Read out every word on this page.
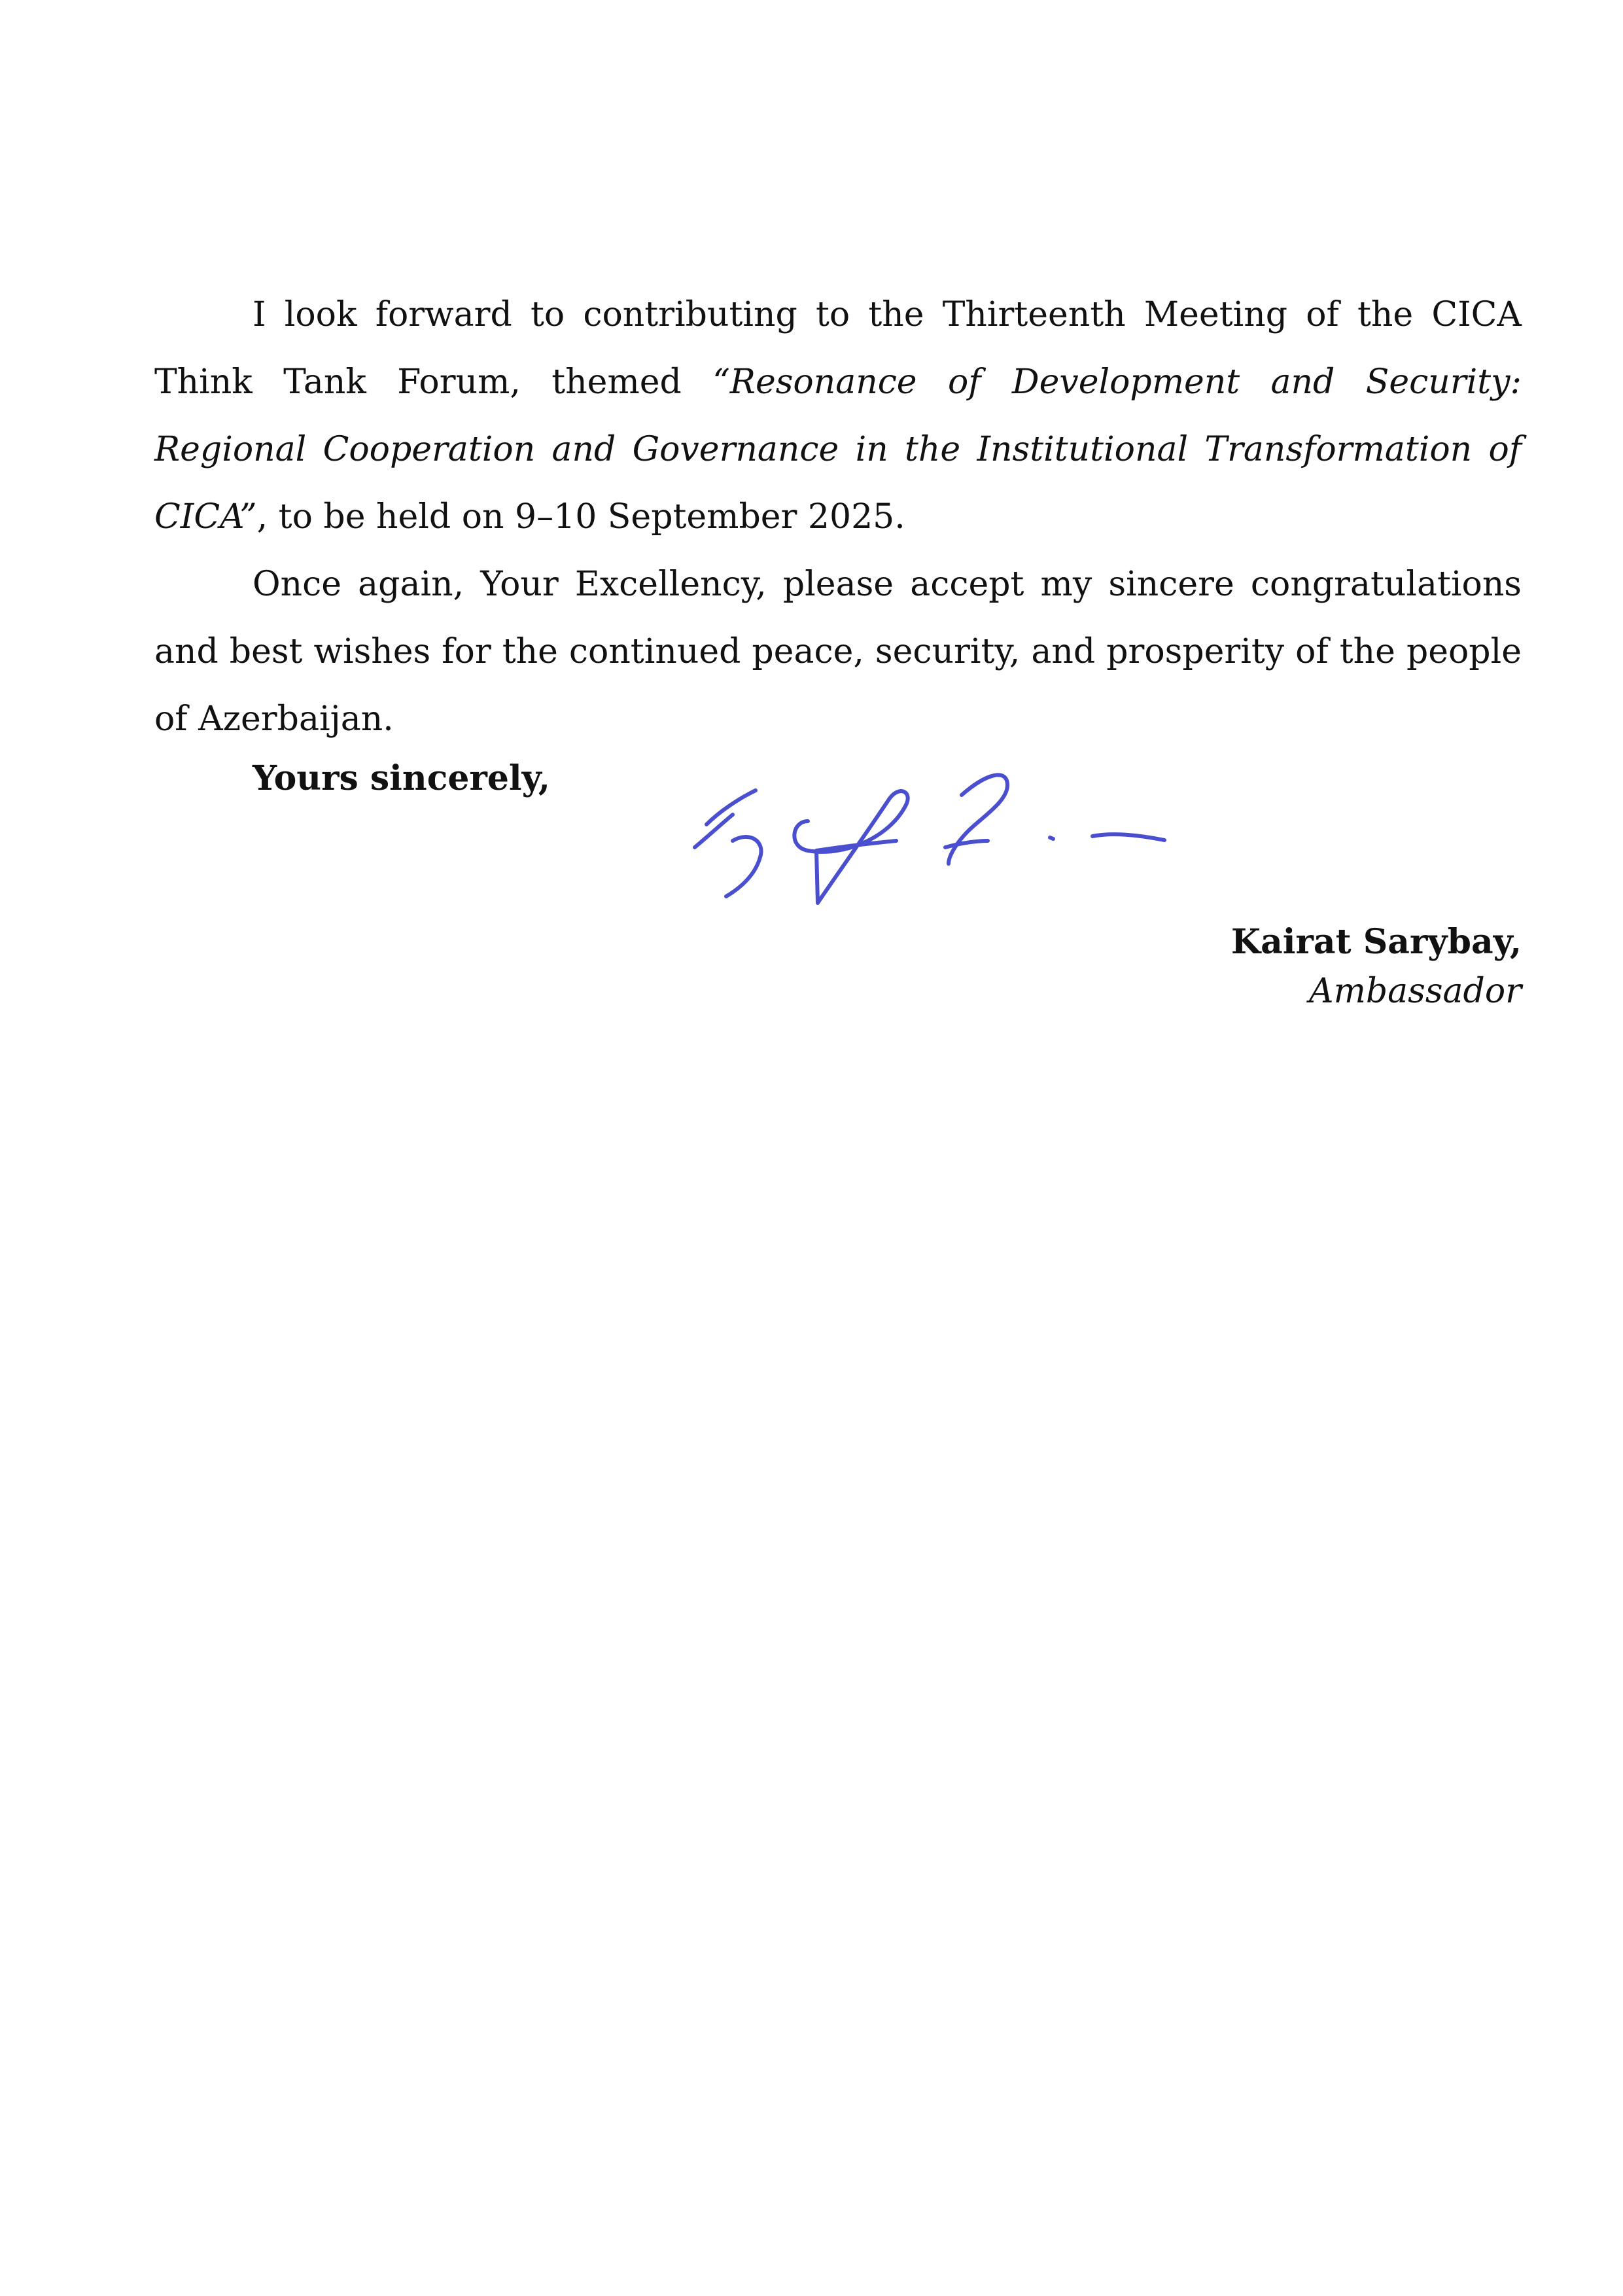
I look forward to contributing to the Thirteenth Meeting of the CICA Think Tank Forum, themed “Resonance of Development and Security: Regional Cooperation and Governance in the Institutional Transformation of CICA”, to be held on 9–10 September 2025.

Once again, Your Excellency, please accept my sincere congratulations and best wishes for the continued peace, security, and prosperity of the people of Azerbaijan.

Yours sincerely,
Kairat Sarybay,
Ambassador
